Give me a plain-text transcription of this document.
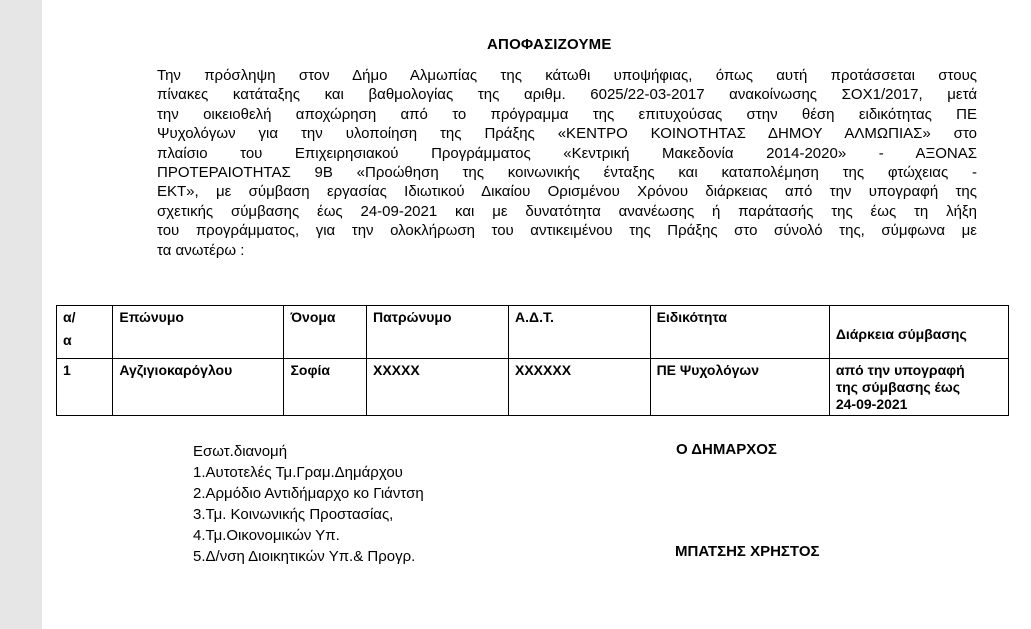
ΑΠΟΦΑΣΙΖΟΥΜΕ
Την πρόσληψη στον Δήμο Αλμωπίας της κάτωθι υποψήφιας, όπως αυτή προτάσσεται στους
πίνακες κατάταξης και βαθμολογίας της αριθμ. 6025/22-03-2017 ανακοίνωσης ΣΟΧ1/2017, μετά
την οικειοθελή αποχώρηση από το πρόγραμμα της επιτυχούσας στην θέση ειδικότητας ΠΕ
Ψυχολόγων για την υλοποίηση της Πράξης «ΚΕΝΤΡΟ ΚΟΙΝΟΤΗΤΑΣ ΔΗΜΟΥ ΑΛΜΩΠΙΑΣ» στο
πλαίσιο του Επιχειρησιακού Προγράμματος «Κεντρική Μακεδονία 2014-2020» - ΑΞΟΝΑΣ
ΠΡΟΤΕΡΑΙΟΤΗΤΑΣ 9Β «Προώθηση της κοινωνικής ένταξης και καταπολέμηση της φτώχειας -
ΕΚΤ», με σύμβαση εργασίας Ιδιωτικού Δικαίου Ορισμένου Χρόνου διάρκειας από την υπογραφή της
σχετικής σύμβασης έως 24-09-2021 και με δυνατότητα ανανέωσης ή παράτασής της έως τη λήξη
του προγράμματος, για την ολοκλήρωση του αντικειμένου της Πράξης στο σύνολό της, σύμφωνα με
τα ανωτέρω :
α/
α	Επώνυμο	Όνομα	Πατρώνυμο	Α.Δ.Τ.	Ειδικότητα	Διάρκεια σύμβασης

1	Αγζιγιοκαρόγλου	Σοφία	ΧΧΧΧΧ	ΧΧΧΧΧΧ	ΠΕ Ψυχολόγων	από την υπογραφή
της σύμβασης έως
24-09-2021
Εσωτ.διανομή
1.Αυτοτελές Τμ.Γραμ.Δημάρχου
2.Αρμόδιο Αντιδήμαρχο κο Γιάντση
3.Τμ. Κοινωνικής Προστασίας,
4.Τμ.Οικονομικών Υπ.
5.Δ/νση Διοικητικών Υπ.& Προγρ.
Ο ΔΗΜΑΡΧΟΣ
ΜΠΑΤΣΗΣ ΧΡΗΣΤΟΣ
